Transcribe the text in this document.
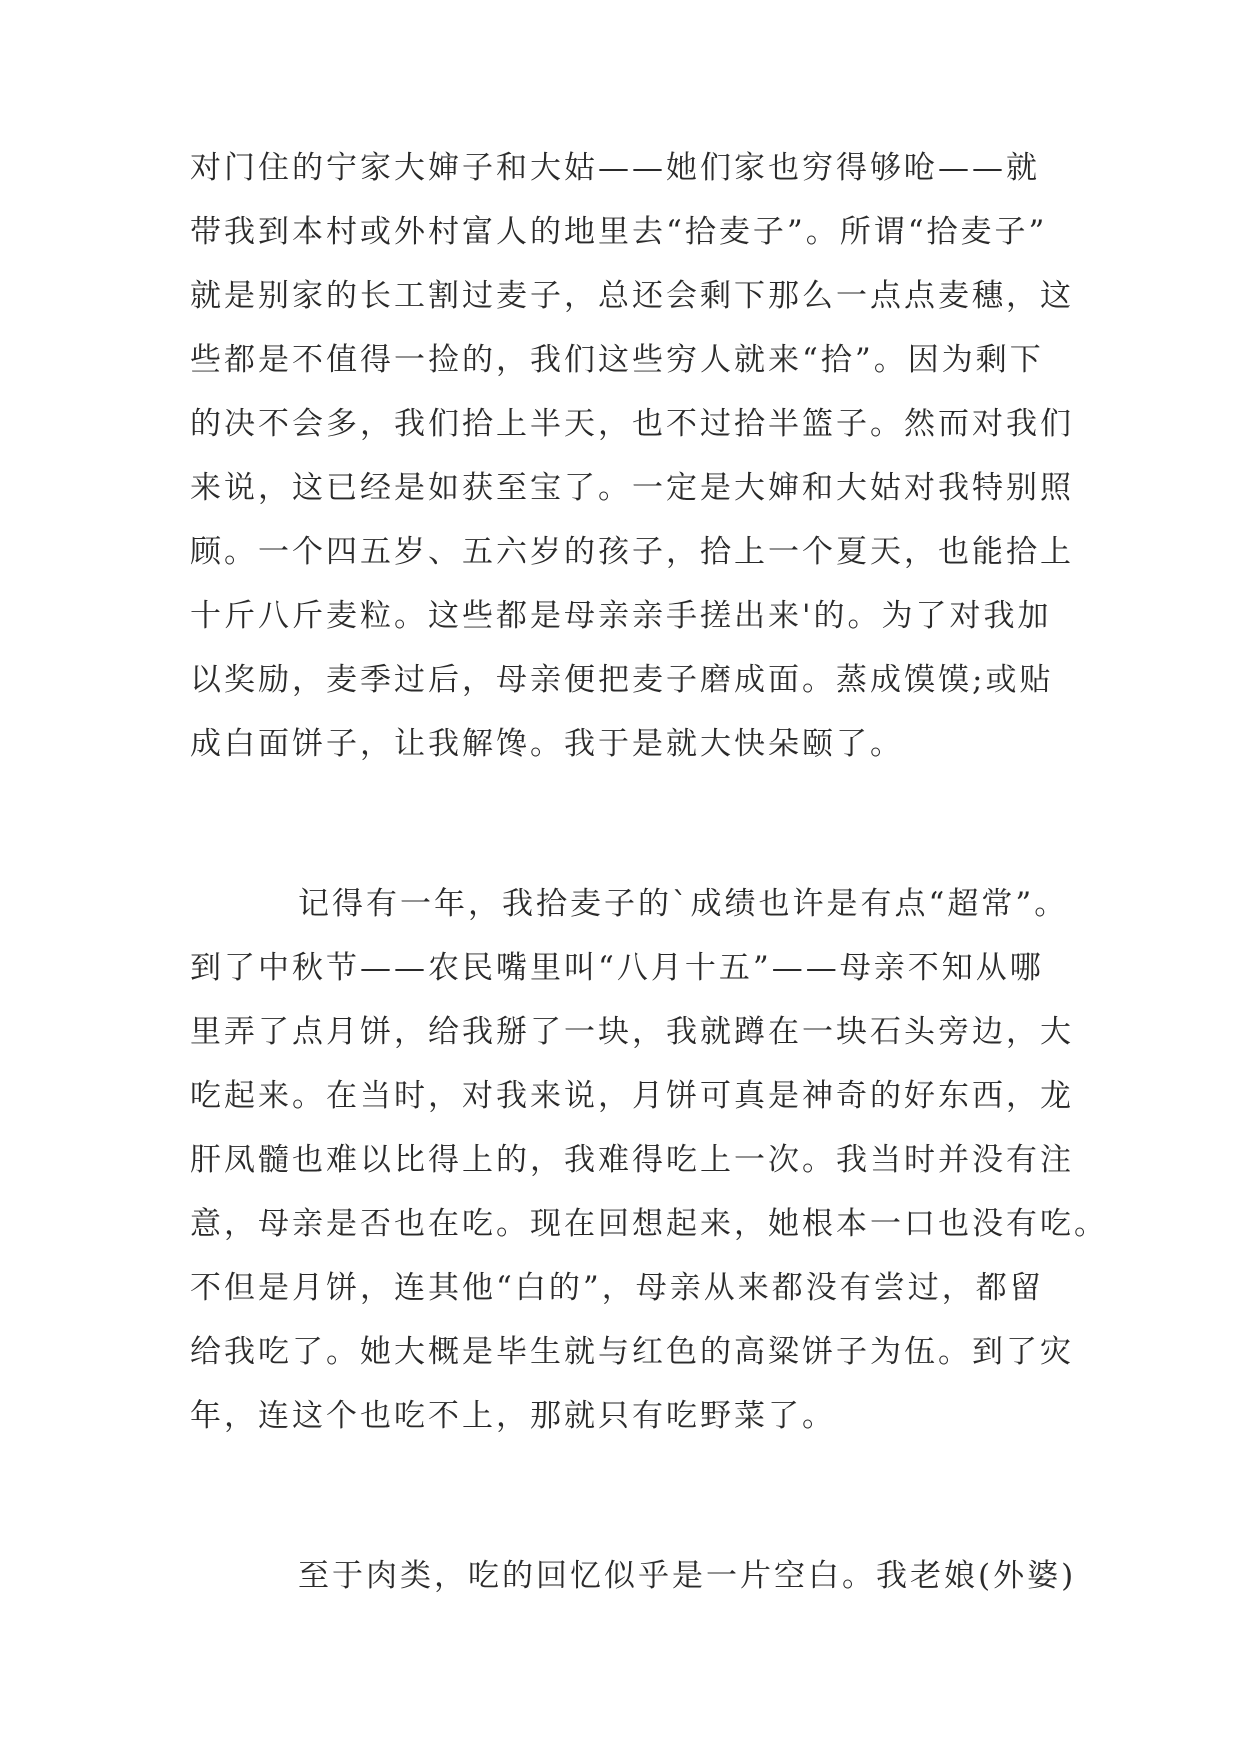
对门住的宁家大婶子和大姑——她们家也穷得够呛——就
带我到本村或外村富人的地里去“拾麦子”。所谓“拾麦子”
就是别家的长工割过麦子，总还会剩下那么一点点麦穗，这
些都是不值得一捡的，我们这些穷人就来“拾”。因为剩下
的决不会多，我们拾上半天，也不过拾半篮子。然而对我们
来说，这已经是如获至宝了。一定是大婶和大姑对我特别照
顾。一个四五岁、五六岁的孩子，拾上一个夏天，也能拾上
十斤八斤麦粒。这些都是母亲亲手搓出来'的。为了对我加
以奖励，麦季过后，母亲便把麦子磨成面。蒸成馍馍;或贴
成白面饼子，让我解馋。我于是就大快朵颐了。
记得有一年，我拾麦子的`成绩也许是有点“超常”。
到了中秋节——农民嘴里叫“八月十五”——母亲不知从哪
里弄了点月饼，给我掰了一块，我就蹲在一块石头旁边，大
吃起来。在当时，对我来说，月饼可真是神奇的好东西，龙
肝凤髓也难以比得上的，我难得吃上一次。我当时并没有注
意，母亲是否也在吃。现在回想起来，她根本一口也没有吃。
不但是月饼，连其他“白的”，母亲从来都没有尝过，都留
给我吃了。她大概是毕生就与红色的高粱饼子为伍。到了灾
年，连这个也吃不上，那就只有吃野菜了。
至于肉类，吃的回忆似乎是一片空白。我老娘(外婆)
